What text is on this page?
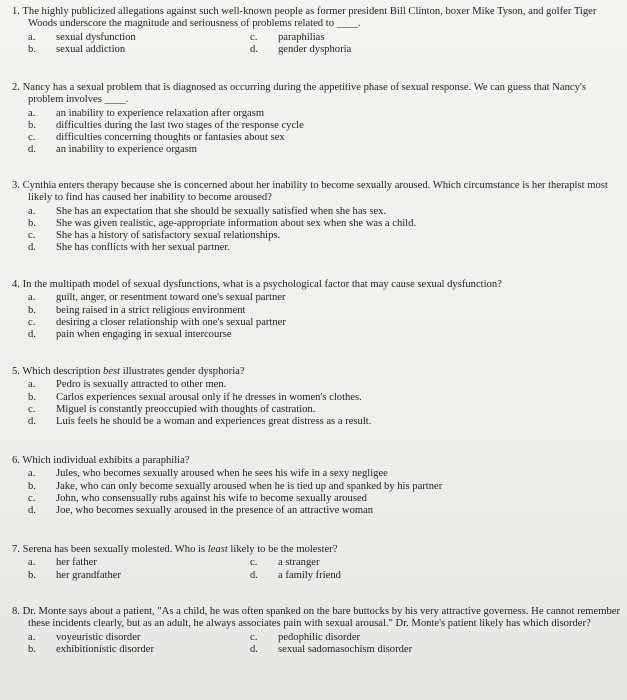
1. The highly publicized allegations against such well-known people as former president Bill Clinton, boxer Mike Tyson, and golfer Tiger Woods underscore the magnitude and seriousness of problems related to ____.

a.	sexual dysfunction	c.	paraphilias
b.	sexual addiction	d.	gender dysphoria

2. Nancy has a sexual problem that is diagnosed as occurring during the appetitive phase of sexual response. We can guess that Nancy's problem involves ____.

a.	an inability to experience relaxation after orgasm
b.	difficulties during the last two stages of the response cycle
c.	difficulties concerning thoughts or fantasies about sex
d.	an inability to experience orgasm

3. Cynthia enters therapy because she is concerned about her inability to become sexually aroused. Which circumstance is her therapist most likely to find has caused her inability to become aroused?

a.	She has an expectation that she should be sexually satisfied when she has sex.
b.	She was given realistic, age-appropriate information about sex when she was a child.
c.	She has a history of satisfactory sexual relationships.
d.	She has conflicts with her sexual partner.

4. In the multipath model of sexual dysfunctions, what is a psychological factor that may cause sexual dysfunction?

a.	guilt, anger, or resentment toward one's sexual partner
b.	being raised in a strict religious environment
c.	desiring a closer relationship with one's sexual partner
d.	pain when engaging in sexual intercourse

5. Which description best illustrates gender dysphoria?

a.	Pedro is sexually attracted to other men.
b.	Carlos experiences sexual arousal only if he dresses in women's clothes.
c.	Miguel is constantly preoccupied with thoughts of castration.
d.	Luis feels he should be a woman and experiences great distress as a result.

6. Which individual exhibits a paraphilia?

a.	Jules, who becomes sexually aroused when he sees his wife in a sexy negligee
b.	Jake, who can only become sexually aroused when he is tied up and spanked by his partner
c.	John, who consensually rubs against his wife to become sexually aroused
d.	Joe, who becomes sexually aroused in the presence of an attractive woman

7. Serena has been sexually molested. Who is least likely to be the molester?

a.	her father	c.	a stranger
b.	her grandfather	d.	a family friend

8. Dr. Monte says about a patient, "As a child, he was often spanked on the bare buttocks by his very attractive governess. He cannot remember these incidents clearly, but as an adult, he always associates pain with sexual arousal." Dr. Monte's patient likely has which disorder?

a.	voyeuristic disorder	c.	pedophilic disorder
b.	exhibitionistic disorder	d.	sexual sadomasochism disorder
